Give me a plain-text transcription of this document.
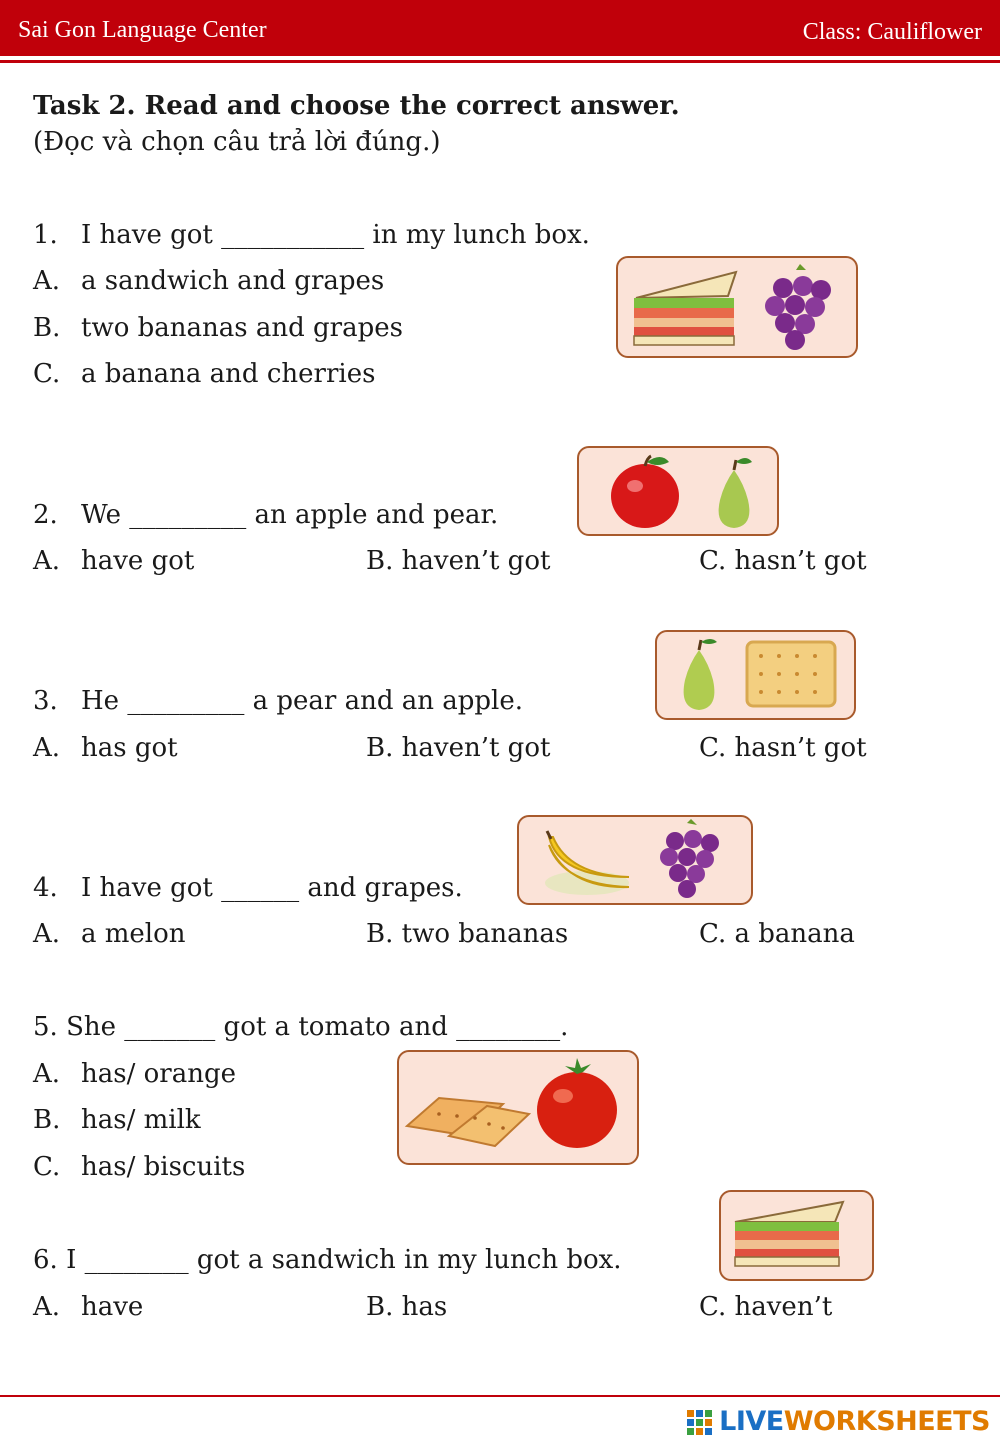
Sai Gon Language Center	Class: Cauliflower
Task 2. Read and choose the correct answer.
(Đọc và chọn câu trả lời đúng.)
1. I have got ___________ in my lunch box.
A. a sandwich and grapes
B. two bananas and grapes
C. a banana and cherries
2. We _________ an apple and pear.
A. have got	B. haven’t got	C. hasn’t got
3. He _________ a pear and an apple.
A. has got	B. haven’t got	C. hasn’t got
4. I have got ______ and grapes.
A. a melon	B. two bananas	C. a banana
5. She _______ got a tomato and ________.
A. has/ orange
B. has/ milk
C. has/ biscuits
6. I ________ got a sandwich in my lunch box.
A. have	B. has	C. haven’t
LIVEWORKSHEETS
